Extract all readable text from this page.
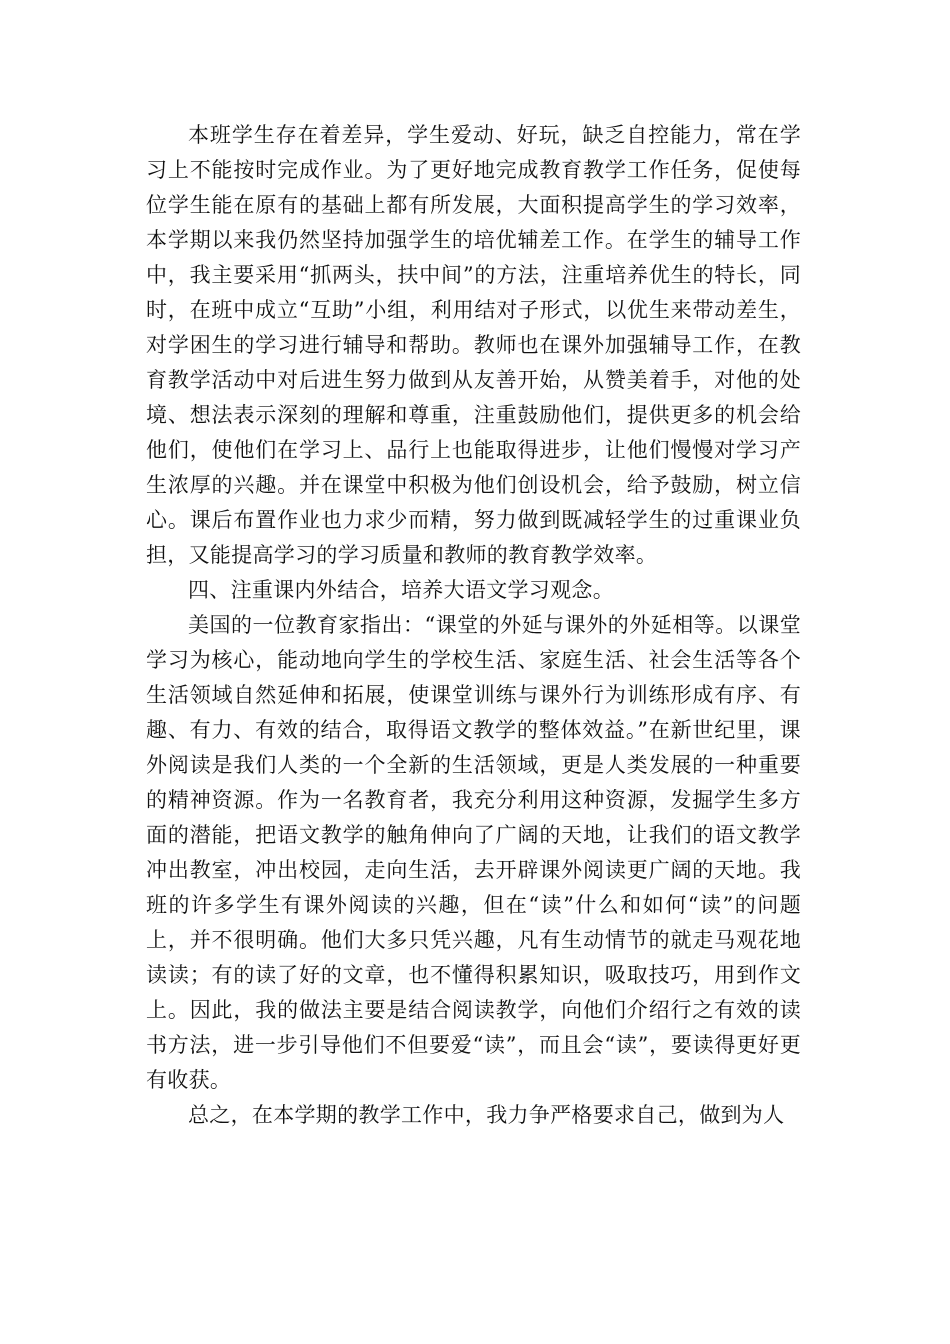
本班学生存在着差异，学生爱动、好玩，缺乏自控能力，常在学习上不能按时完成作业。为了更好地完成教育教学工作任务，促使每位学生能在原有的基础上都有所发展，大面积提高学生的学习效率，本学期以来我仍然坚持加强学生的培优辅差工作。在学生的辅导工作中，我主要采用“抓两头，扶中间”的方法，注重培养优生的特长，同时，在班中成立“互助”小组，利用结对子形式，以优生来带动差生，对学困生的学习进行辅导和帮助。教师也在课外加强辅导工作，在教育教学活动中对后进生努力做到从友善开始，从赞美着手，对他的处境、想法表示深刻的理解和尊重，注重鼓励他们，提供更多的机会给他们，使他们在学习上、品行上也能取得进步，让他们慢慢对学习产生浓厚的兴趣。并在课堂中积极为他们创设机会，给予鼓励，树立信心。课后布置作业也力求少而精，努力做到既减轻学生的过重课业负担，又能提高学习的学习质量和教师的教育教学效率。

四、注重课内外结合，培养大语文学习观念。

美国的一位教育家指出：“课堂的外延与课外的外延相等。以课堂学习为核心，能动地向学生的学校生活、家庭生活、社会生活等各个生活领域自然延伸和拓展，使课堂训练与课外行为训练形成有序、有趣、有力、有效的结合，取得语文教学的整体效益。”在新世纪里，课外阅读是我们人类的一个全新的生活领域，更是人类发展的一种重要的精神资源。作为一名教育者，我充分利用这种资源，发掘学生多方面的潜能，把语文教学的触角伸向了广阔的天地，让我们的语文教学冲出教室，冲出校园，走向生活，去开辟课外阅读更广阔的天地。我班的许多学生有课外阅读的兴趣，但在“读”什么和如何“读”的问题上，并不很明确。他们大多只凭兴趣，凡有生动情节的就走马观花地读读；有的读了好的文章，也不懂得积累知识，吸取技巧，用到作文上。因此，我的做法主要是结合阅读教学，向他们介绍行之有效的读书方法，进一步引导他们不但要爱“读”，而且会“读”，要读得更好更有收获。

总之，在本学期的教学工作中，我力争严格要求自己，做到为人
